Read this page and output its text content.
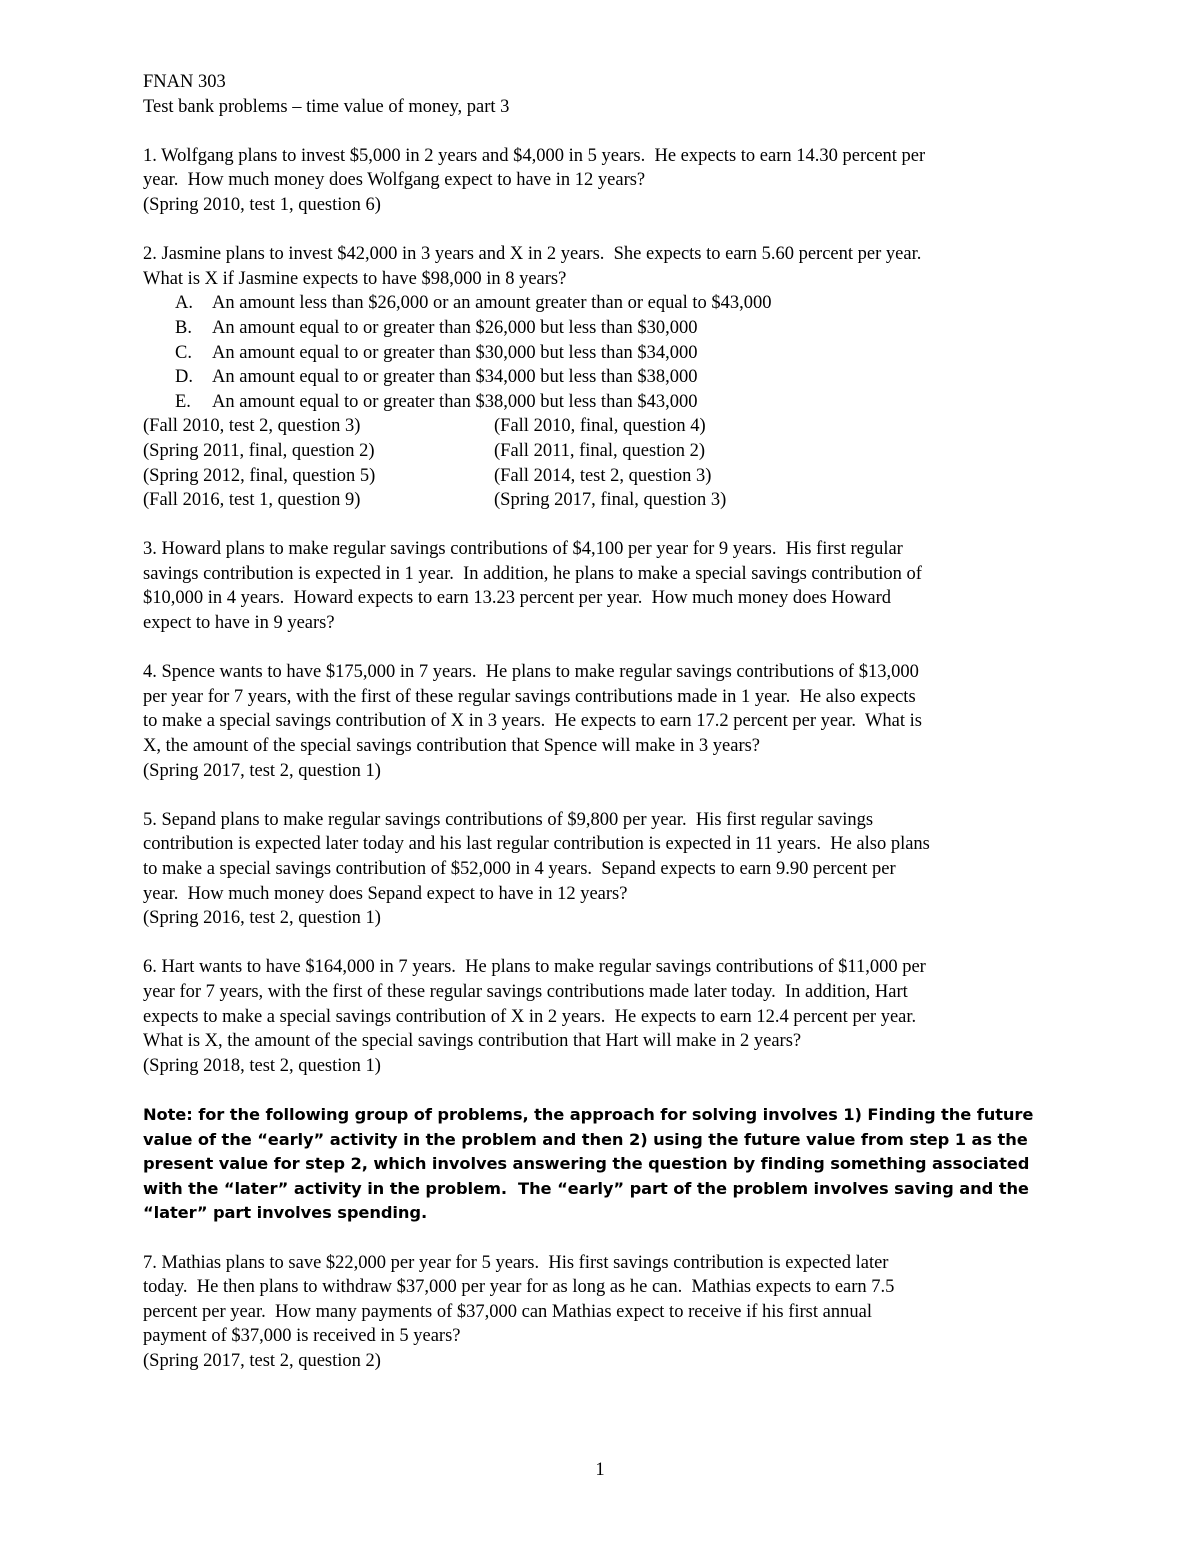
FNAN 303

Test bank problems – time value of money, part 3

1. Wolfgang plans to invest $5,000 in 2 years and $4,000 in 5 years.  He expects to earn 14.30 percent per

year.  How much money does Wolfgang expect to have in 12 years?

(Spring 2010, test 1, question 6)

2. Jasmine plans to invest $42,000 in 3 years and X in 2 years.  She expects to earn 5.60 percent per year.

What is X if Jasmine expects to have $98,000 in 8 years?

A. An amount less than $26,000 or an amount greater than or equal to $43,000
B. An amount equal to or greater than $26,000 but less than $30,000
C. An amount equal to or greater than $30,000 but less than $34,000
D. An amount equal to or greater than $34,000 but less than $38,000
E. An amount equal to or greater than $38,000 but less than $43,000
(Fall 2010, test 2, question 3)	(Fall 2010, final, question 4)
(Spring 2011, final, question 2)	(Fall 2011, final, question 2)
(Spring 2012, final, question 5)	(Fall 2014, test 2, question 3)
(Fall 2016, test 1, question 9)	(Spring 2017, final, question 3)

3. Howard plans to make regular savings contributions of $4,100 per year for 9 years.  His first regular

savings contribution is expected in 1 year.  In addition, he plans to make a special savings contribution of

$10,000 in 4 years.  Howard expects to earn 13.23 percent per year.  How much money does Howard

expect to have in 9 years?

4. Spence wants to have $175,000 in 7 years.  He plans to make regular savings contributions of $13,000

per year for 7 years, with the first of these regular savings contributions made in 1 year.  He also expects

to make a special savings contribution of X in 3 years.  He expects to earn 17.2 percent per year.  What is

X, the amount of the special savings contribution that Spence will make in 3 years?

(Spring 2017, test 2, question 1)

5. Sepand plans to make regular savings contributions of $9,800 per year.  His first regular savings

contribution is expected later today and his last regular contribution is expected in 11 years.  He also plans

to make a special savings contribution of $52,000 in 4 years.  Sepand expects to earn 9.90 percent per

year.  How much money does Sepand expect to have in 12 years?

(Spring 2016, test 2, question 1)

6. Hart wants to have $164,000 in 7 years.  He plans to make regular savings contributions of $11,000 per

year for 7 years, with the first of these regular savings contributions made later today.  In addition, Hart

expects to make a special savings contribution of X in 2 years.  He expects to earn 12.4 percent per year.

What is X, the amount of the special savings contribution that Hart will make in 2 years?

(Spring 2018, test 2, question 1)

Note: for the following group of problems, the approach for solving involves 1) Finding the future
value of the “early” activity in the problem and then 2) using the future value from step 1 as the
present value for step 2, which involves answering the question by finding something associated
with the “later” activity in the problem.  The “early” part of the problem involves saving and the
“later” part involves spending.

7. Mathias plans to save $22,000 per year for 5 years.  His first savings contribution is expected later

today.  He then plans to withdraw $37,000 per year for as long as he can.  Mathias expects to earn 7.5

percent per year.  How many payments of $37,000 can Mathias expect to receive if his first annual

payment of $37,000 is received in 5 years?

(Spring 2017, test 2, question 2)

1
